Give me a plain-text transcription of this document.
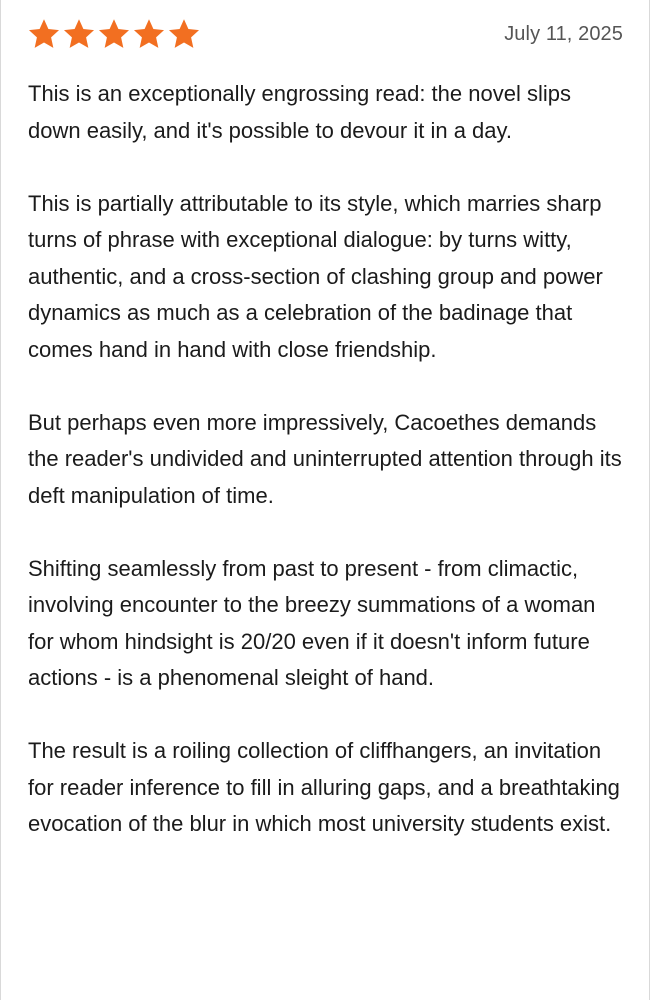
July 11, 2025

This is an exceptionally engrossing read: the novel slips down easily, and it's possible to devour it in a day.

This is partially attributable to its style, which marries sharp turns of phrase with exceptional dialogue: by turns witty, authentic, and a cross-section of clashing group and power dynamics as much as a celebration of the badinage that comes hand in hand with close friendship.

But perhaps even more impressively, Cacoethes demands the reader's undivided and uninterrupted attention through its deft manipulation of time.

Shifting seamlessly from past to present - from climactic, involving encounter to the breezy summations of a woman for whom hindsight is 20/20 even if it doesn't inform future actions - is a phenomenal sleight of hand.

The result is a roiling collection of cliffhangers, an invitation for reader inference to fill in alluring gaps, and a breathtaking evocation of the blur in which most university students exist.
